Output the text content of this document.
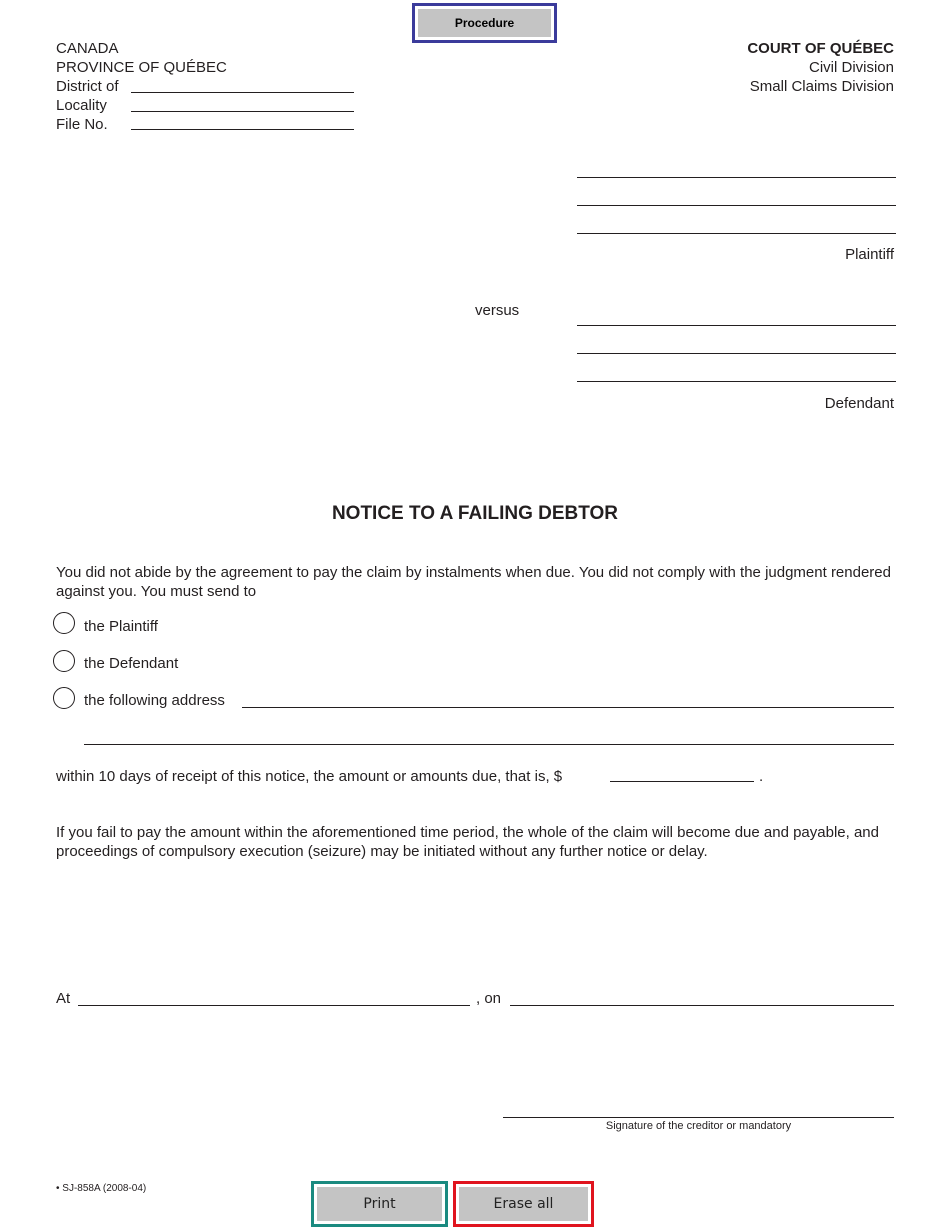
Procedure
CANADA
PROVINCE OF QUÉBEC
District of
Locality
File No.
COURT OF QUÉBEC
Civil Division
Small Claims Division
Plaintiff
versus
Defendant
NOTICE TO A FAILING DEBTOR
You did not abide by the agreement to pay the claim by instalments when due. You did not comply with the judgment rendered against you. You must send to
the Plaintiff
the Defendant
the following address
within 10 days of receipt of this notice, the amount or amounts due, that is, $	.
If you fail to pay the amount within the aforementioned time period, the whole of the claim will become due and payable, and proceedings of compulsory execution (seizure) may be initiated without any further notice or delay.
At	, on
Signature of the creditor or mandatory
• SJ-858A (2008-04)
Print	Erase all
